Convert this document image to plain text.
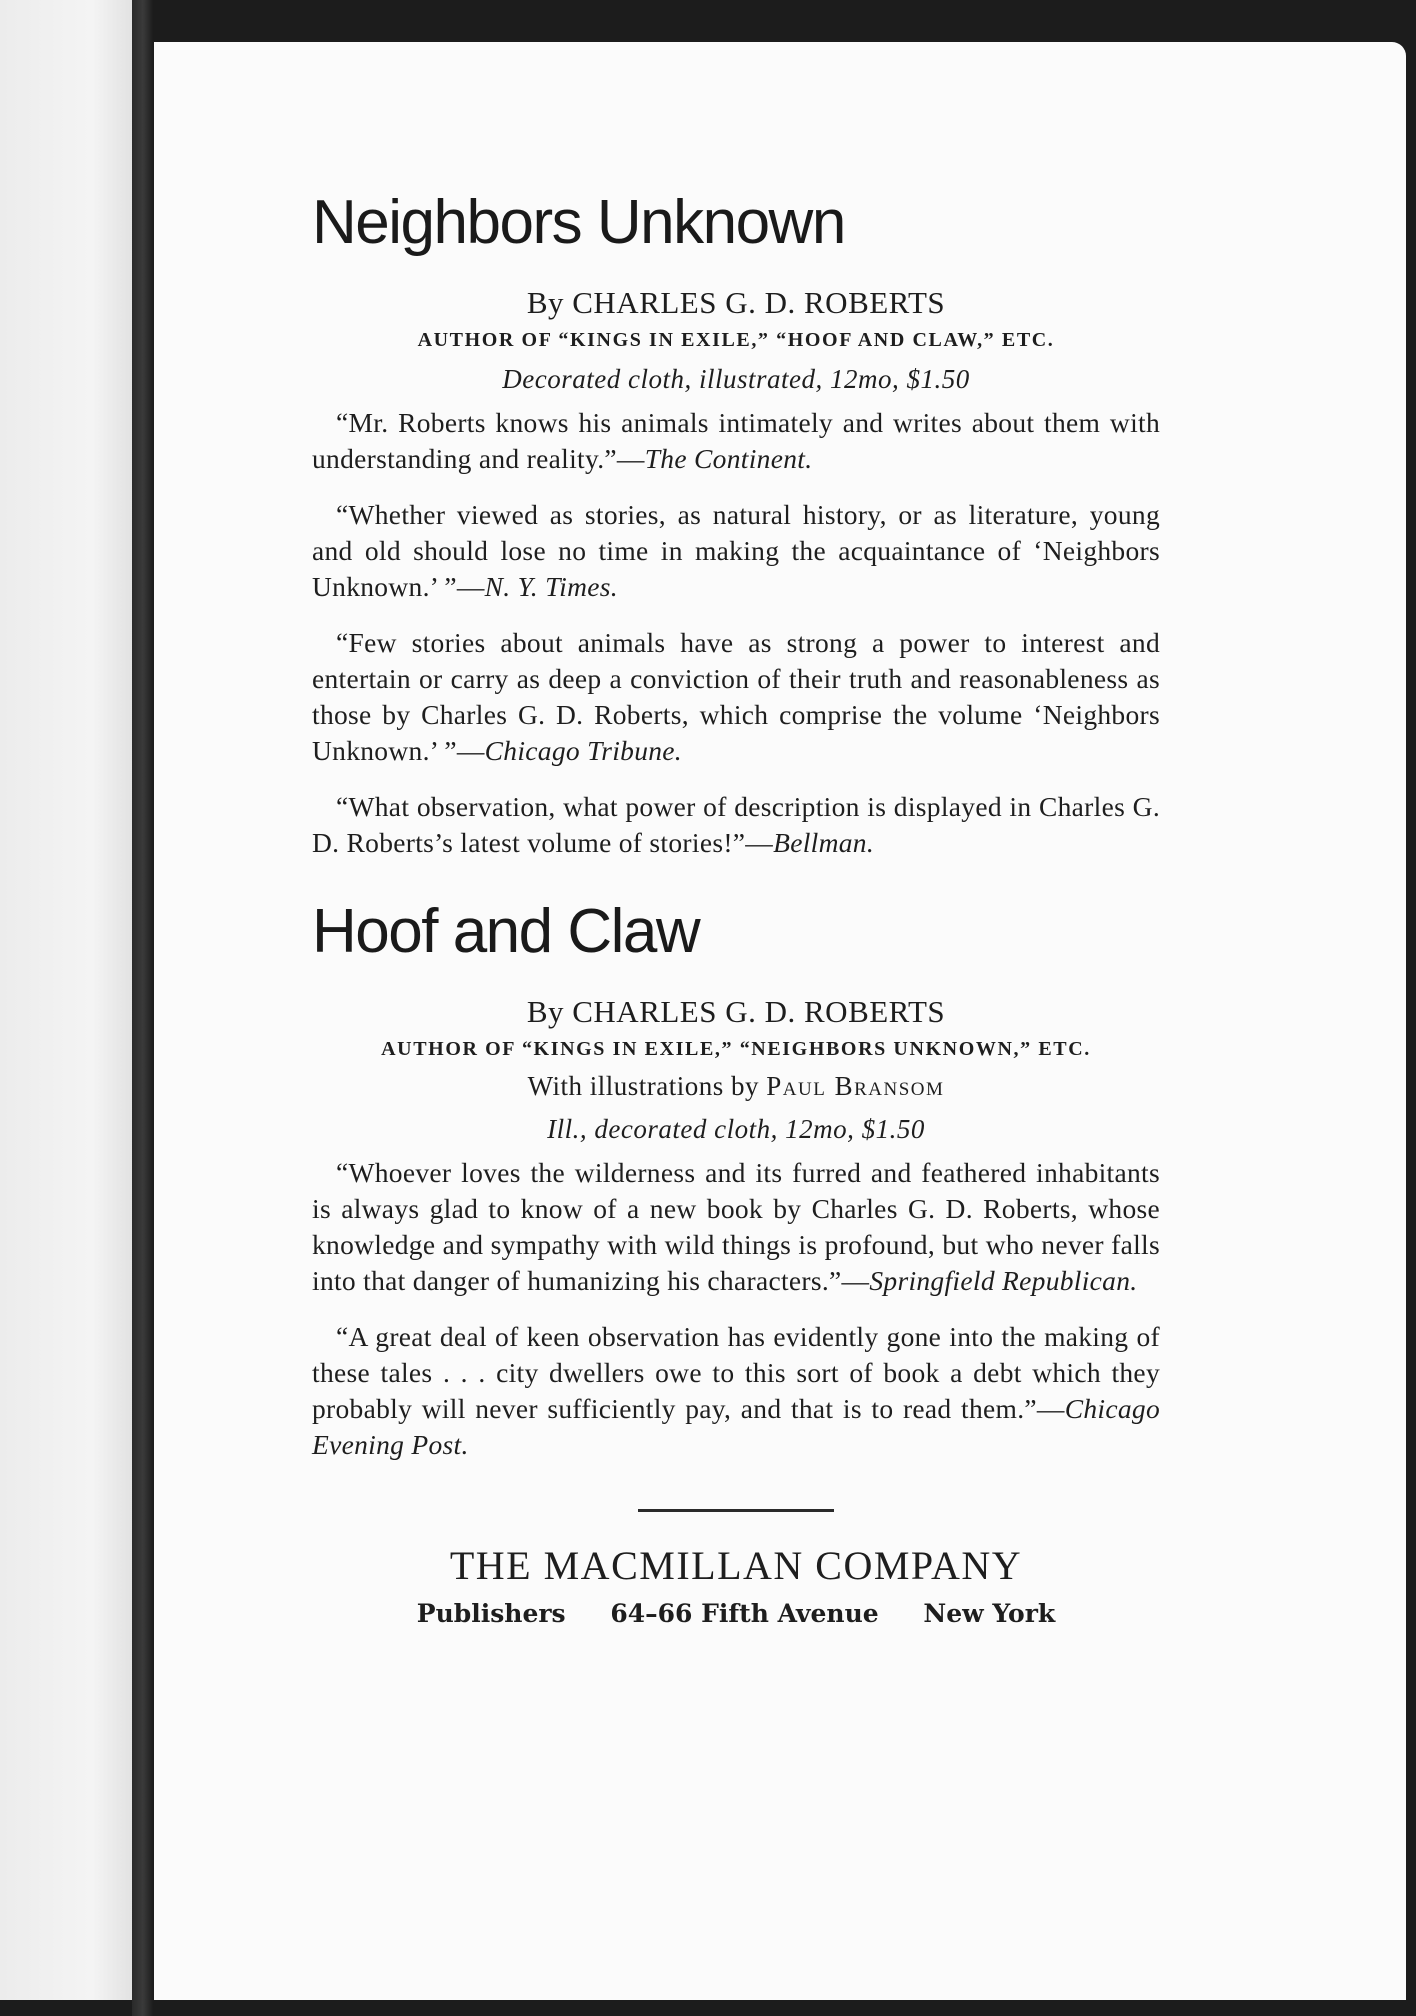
Neighbors Unknown
By CHARLES G. D. ROBERTS
AUTHOR OF “KINGS IN EXILE,” “HOOF AND CLAW,” ETC.
Decorated cloth, illustrated, 12mo, $1.50

“Mr. Roberts knows his animals intimately and writes about them with understanding and reality.”—The Continent.

“Whether viewed as stories, as natural history, or as literature, young and old should lose no time in making the acquaintance of ‘Neighbors Unknown.’ ”—N. Y. Times.

“Few stories about animals have as strong a power to interest and entertain or carry as deep a conviction of their truth and reasonableness as those by Charles G. D. Roberts, which comprise the volume ‘Neighbors Unknown.’ ”—Chicago Tribune.

“What observation, what power of description is displayed in Charles G. D. Roberts’s latest volume of stories!”—Bellman.

Hoof and Claw
By CHARLES G. D. ROBERTS
AUTHOR OF “KINGS IN EXILE,” “NEIGHBORS UNKNOWN,” ETC.
With illustrations by Paul Bransom
Ill., decorated cloth, 12mo, $1.50

“Whoever loves the wilderness and its furred and feathered inhabitants is always glad to know of a new book by Charles G. D. Roberts, whose knowledge and sympathy with wild things is profound, but who never falls into that danger of humanizing his characters.”—Springfield Republican.

“A great deal of keen observation has evidently gone into the making of these tales . . . city dwellers owe to this sort of book a debt which they probably will never sufficiently pay, and that is to read them.”—Chicago Evening Post.

THE MACMILLAN COMPANY
Publishers 64–66 Fifth Avenue New York
